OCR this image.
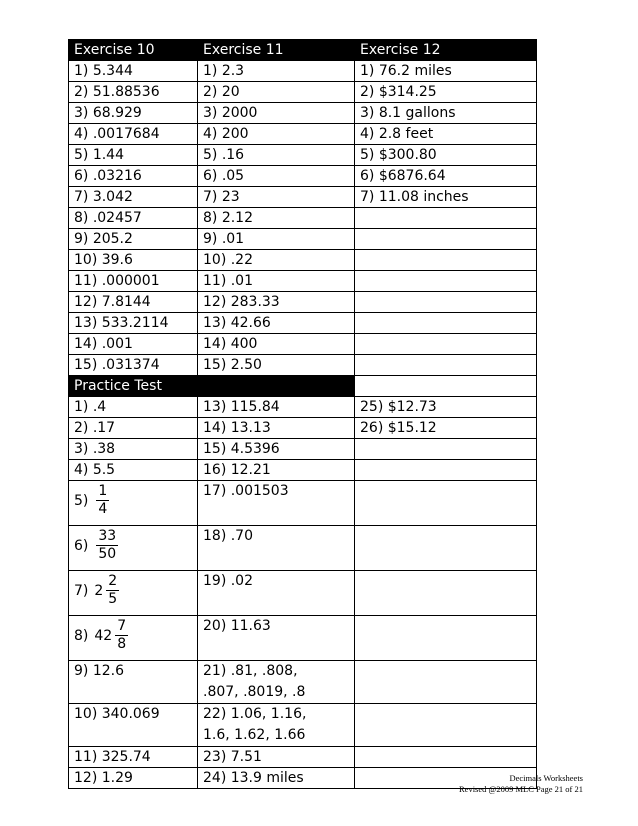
Exercise 10	Exercise 11	Exercise 12
1) 5.344	1) 2.3	1) 76.2 miles
2) 51.88536	2) 20	2) $314.25
3) 68.929	3) 2000	3) 8.1 gallons
4) .0017684	4) 200	4) 2.8 feet
5) 1.44	5) .16	5) $300.80
6) .03216	6) .05	6) $6876.64
7) 3.042	7) 23	7) 11.08 inches
8) .02457	8) 2.12	
9) 205.2	9) .01	
10) 39.6	10) .22	
11) .000001	11) .01	
12) 7.8144	12) 283.33	
13) 533.2114	13) 42.66	
14) .001	14) 400	
15) .031374	15) 2.50	
Practice Test		
1) .4	13) 115.84	25) $12.73
2) .17	14) 13.13	26) $15.12
3) .38	15) 4.5396	
4) 5.5	16) 12.21	

$5) \frac{1}{4}$	17) .001503	

$6) \frac{33}{50}$	18) .70	

7) $2 \frac{2}{5}$	19) .02	

8) $42 \frac{7}{8}$	20) 11.63	
9) 12.6	21) .81, .808, .807, .8019, .8	
10) 340.069	22) 1.06, 1.16, 1.6, 1.62, 1.66	
11) 325.74	23) 7.51	
12) 1.29	24) 13.9 miles		Decimals Worksheets
Revised @2009 MLC Page 21 of 21
